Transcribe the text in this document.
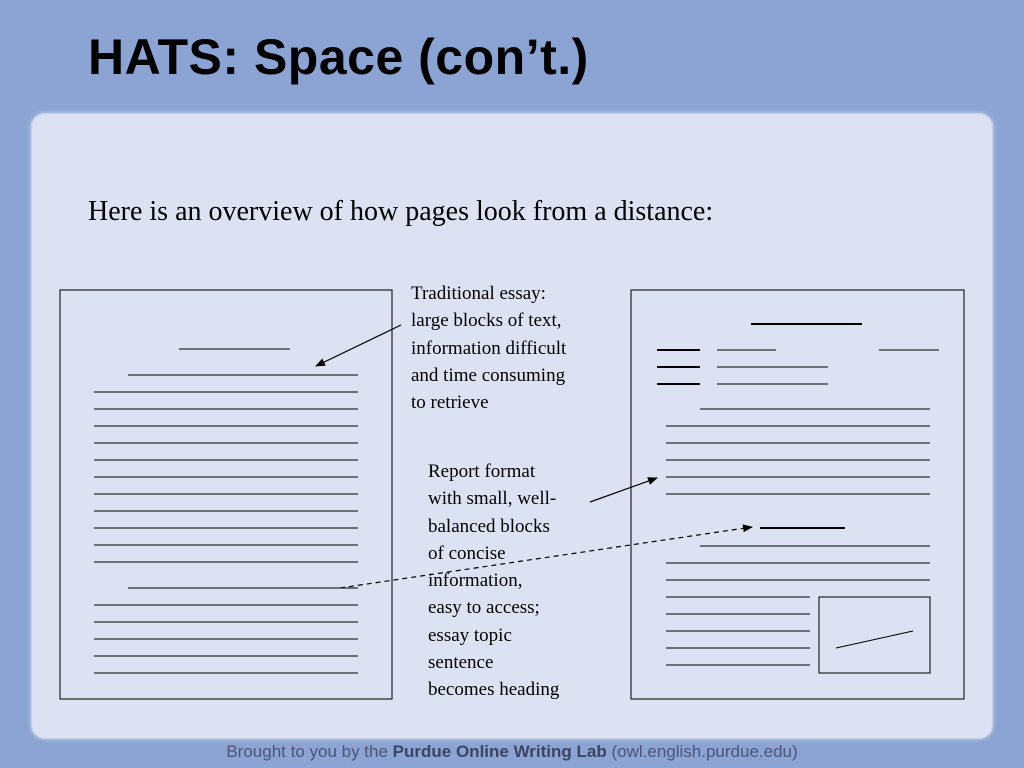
HATS: Space (con’t.)
Here is an overview of how pages look from a distance:
Traditional essay:
large blocks of text,
information difficult
and time consuming
to retrieve
Report format
with small, well-
balanced blocks
of concise
information,
easy to access;
essay topic
sentence
becomes heading
Brought to you by the Purdue Online Writing Lab (owl.english.purdue.edu)
